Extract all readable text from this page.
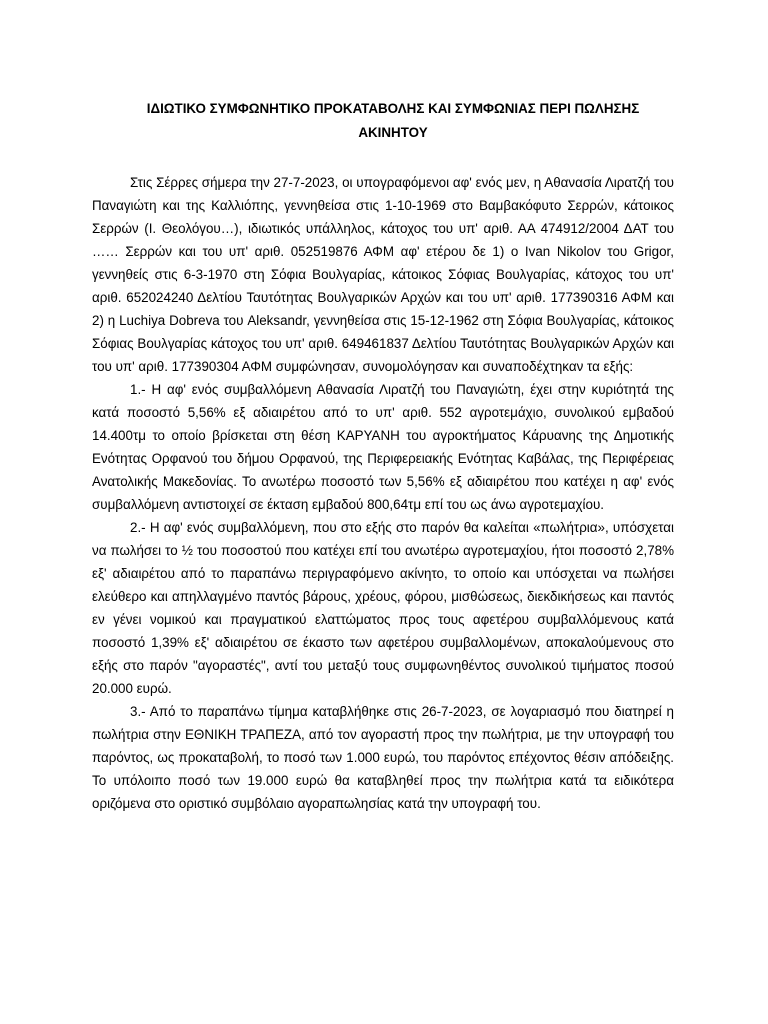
ΙΔΙΩΤΙΚΟ ΣΥΜΦΩΝΗΤΙΚΟ ΠΡΟΚΑΤΑΒΟΛΗΣ ΚΑΙ ΣΥΜΦΩΝΙΑΣ ΠΕΡΙ ΠΩΛΗΣΗΣ
ΑΚΙΝΗΤΟΥ

Στις Σέρρες σήμερα την 27-7-2023, οι υπογραφόμενοι αφ' ενός μεν, η Αθανασία Λιρατζή του Παναγιώτη και της Καλλιόπης, γεννηθείσα στις 1-10-1969 στο Βαμβακόφυτο Σερρών, κάτοικος Σερρών (Ι. Θεολόγου…), ιδιωτικός υπάλληλος, κάτοχος του υπ' αριθ. ΑΑ 474912/2004 ΔΑΤ του …… Σερρών και του υπ' αριθ. 052519876 ΑΦΜ αφ' ετέρου δε 1) ο Ivan Nikolov του Grigor, γεννηθείς στις 6-3-1970 στη Σόφια Βουλγαρίας, κάτοικος Σόφιας Βουλγαρίας, κάτοχος του υπ' αριθ. 652024240 Δελτίου Ταυτότητας Βουλγαρικών Αρχών και του υπ' αριθ. 177390316 ΑΦΜ και 2) η Luchiya Dobreva του Aleksandr, γεννηθείσα στις 15-12-1962 στη Σόφια Βουλγαρίας, κάτοικος Σόφιας Βουλγαρίας κάτοχος του υπ' αριθ. 649461837 Δελτίου Ταυτότητας Βουλγαρικών Αρχών και του υπ' αριθ. 177390304 ΑΦΜ συμφώνησαν, συνομολόγησαν και συναποδέχτηκαν τα εξής:

1.- Η αφ' ενός συμβαλλόμενη Αθανασία Λιρατζή του Παναγιώτη, έχει στην κυριότητά της κατά ποσοστό 5,56% εξ αδιαιρέτου από το υπ' αριθ. 552 αγροτεμάχιο, συνολικού εμβαδού 14.400τμ το οποίο βρίσκεται στη θέση ΚΑΡΥΑΝΗ του αγροκτήματος Κάρυανης της Δημοτικής Ενότητας Ορφανού του δήμου Ορφανού, της Περιφερειακής Ενότητας Καβάλας, της Περιφέρειας Ανατολικής Μακεδονίας. Το ανωτέρω ποσοστό των 5,56% εξ αδιαιρέτου που κατέχει η αφ' ενός συμβαλλόμενη αντιστοιχεί σε έκταση εμβαδού 800,64τμ επί του ως άνω αγροτεμαχίου.

2.- Η αφ' ενός συμβαλλόμενη, που στο εξής στο παρόν θα καλείται «πωλήτρια», υπόσχεται να πωλήσει το ½ του ποσοστού που κατέχει επί του ανωτέρω αγροτεμαχίου, ήτοι ποσοστό 2,78% εξ' αδιαιρέτου από το παραπάνω περιγραφόμενο ακίνητο, το οποίο και υπόσχεται να πωλήσει ελεύθερο και απηλλαγμένο παντός βάρους, χρέους, φόρου, μισθώσεως, διεκδικήσεως και παντός εν γένει νομικού και πραγματικού ελαττώματος προς τους αφετέρου συμβαλλόμενους κατά ποσοστό 1,39% εξ' αδιαιρέτου σε έκαστο των αφετέρου συμβαλλομένων, αποκαλούμενους στο εξής στο παρόν "αγοραστές", αντί του μεταξύ τους συμφωνηθέντος συνολικού τιμήματος ποσού 20.000 ευρώ.

3.- Από το παραπάνω τίμημα καταβλήθηκε στις 26-7-2023, σε λογαριασμό που διατηρεί η πωλήτρια στην ΕΘΝΙΚΗ ΤΡΑΠΕΖΑ, από τον αγοραστή προς την πωλήτρια, με την υπογραφή του παρόντος, ως προκαταβολή, το ποσό των 1.000 ευρώ, του παρόντος επέχοντος θέσιν απόδειξης. Το υπόλοιπο ποσό των 19.000 ευρώ θα καταβληθεί προς την πωλήτρια κατά τα ειδικότερα οριζόμενα στο οριστικό συμβόλαιο αγοραπωλησίας κατά την υπογραφή του.
